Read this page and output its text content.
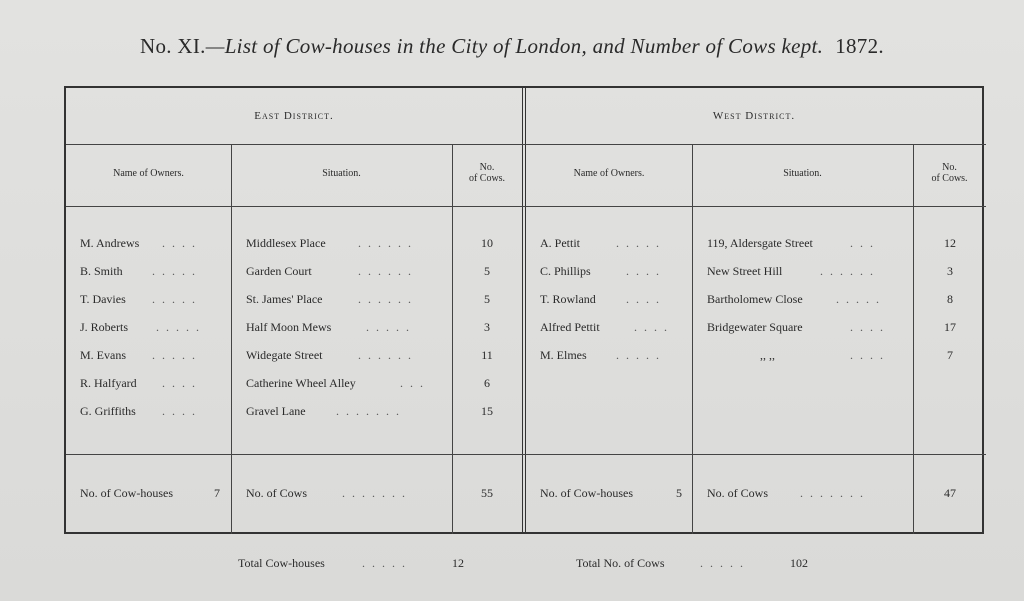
No. XI.—List of Cow-houses in the City of London, and Number of Cows kept. 1872.
East District.	West District.
Name of Owners.	Situation.
No.
of Cows.	Name of Owners.	Situation.
No.
of Cows.
M. Andrews	Middlesex Place	10
B. Smith	Garden Court	5
T. Davies	St. James' Place	5
J. Roberts	Half Moon Mews	3
M. Evans	Widegate Street	11
R. Halfyard	Catherine Wheel Alley	6
G. Griffiths	Gravel Lane	15
. . . .
. . . . .
. . . . .
. . . . .
. . . . .
. . . .
. . . .
. . . . . .
. . . . . .
. . . . . .
. . . . .
. . . . . .
. . .
. . . . . . .
A. Pettit	119, Aldersgate Street	12
C. Phillips	New Street Hill	3
T. Rowland	Bartholomew Close	8
Alfred Pettit	Bridgewater Square	17
M. Elmes	,, ,,	7
. . . . .
. . . .
. . . .
. . . .
. . . . .
. . .
. . . . . .
. . . . .
. . . .
. . . .
No. of Cow-houses	7 No. of Cows	. . . . . . .	55	No. of Cow-houses	5 No. of Cows	. . . . . . .	47
Total Cow-houses	. . . . .	12	Total No. of Cows	. . . . .	102
